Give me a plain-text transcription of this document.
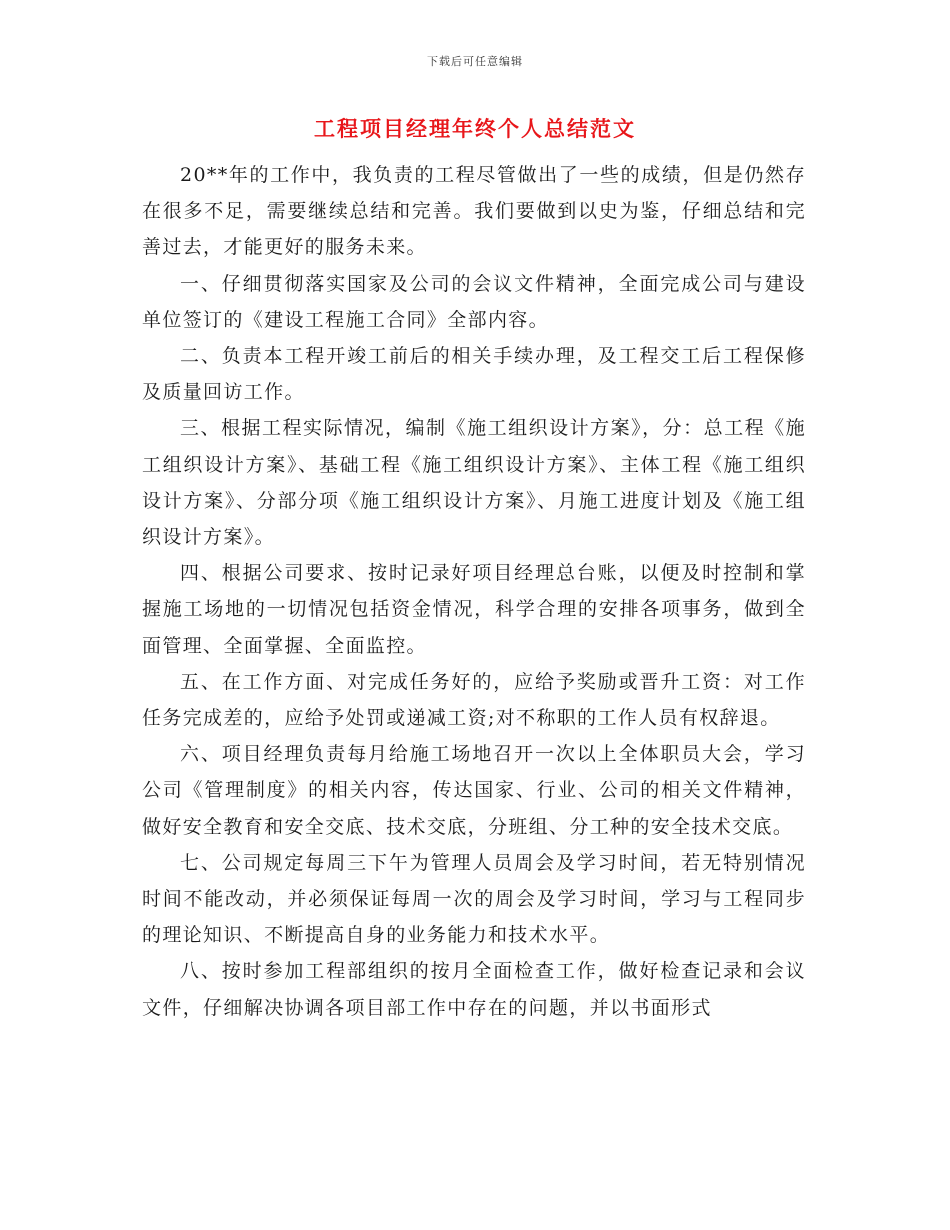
下载后可任意编辑
工程项目经理年终个人总结范文

20**年的工作中，我负责的工程尽管做出了一些的成绩，但是仍然存在很多不足，需要继续总结和完善。我们要做到以史为鉴，仔细总结和完善过去，才能更好的服务未来。

一、仔细贯彻落实国家及公司的会议文件精神，全面完成公司与建设单位签订的《建设工程施工合同》全部内容。

二、负责本工程开竣工前后的相关手续办理，及工程交工后工程保修及质量回访工作。

三、根据工程实际情况，编制《施工组织设计方案》，分：总工程《施工组织设计方案》、基础工程《施工组织设计方案》、主体工程《施工组织设计方案》、分部分项《施工组织设计方案》、月施工进度计划及《施工组织设计方案》。

四、根据公司要求、按时记录好项目经理总台账，以便及时控制和掌握施工场地的一切情况包括资金情况，科学合理的安排各项事务，做到全面管理、全面掌握、全面监控。

五、在工作方面、对完成任务好的，应给予奖励或晋升工资：对工作任务完成差的，应给予处罚或递减工资;对不称职的工作人员有权辞退。

六、项目经理负责每月给施工场地召开一次以上全体职员大会，学习公司《管理制度》的相关内容，传达国家、行业、公司的相关文件精神，做好安全教育和安全交底、技术交底，分班组、分工种的安全技术交底。

七、公司规定每周三下午为管理人员周会及学习时间，若无特别情况时间不能改动，并必须保证每周一次的周会及学习时间，学习与工程同步的理论知识、不断提高自身的业务能力和技术水平。

八、按时参加工程部组织的按月全面检查工作，做好检查记录和会议文件，仔细解决协调各项目部工作中存在的问题，并以书面形式
